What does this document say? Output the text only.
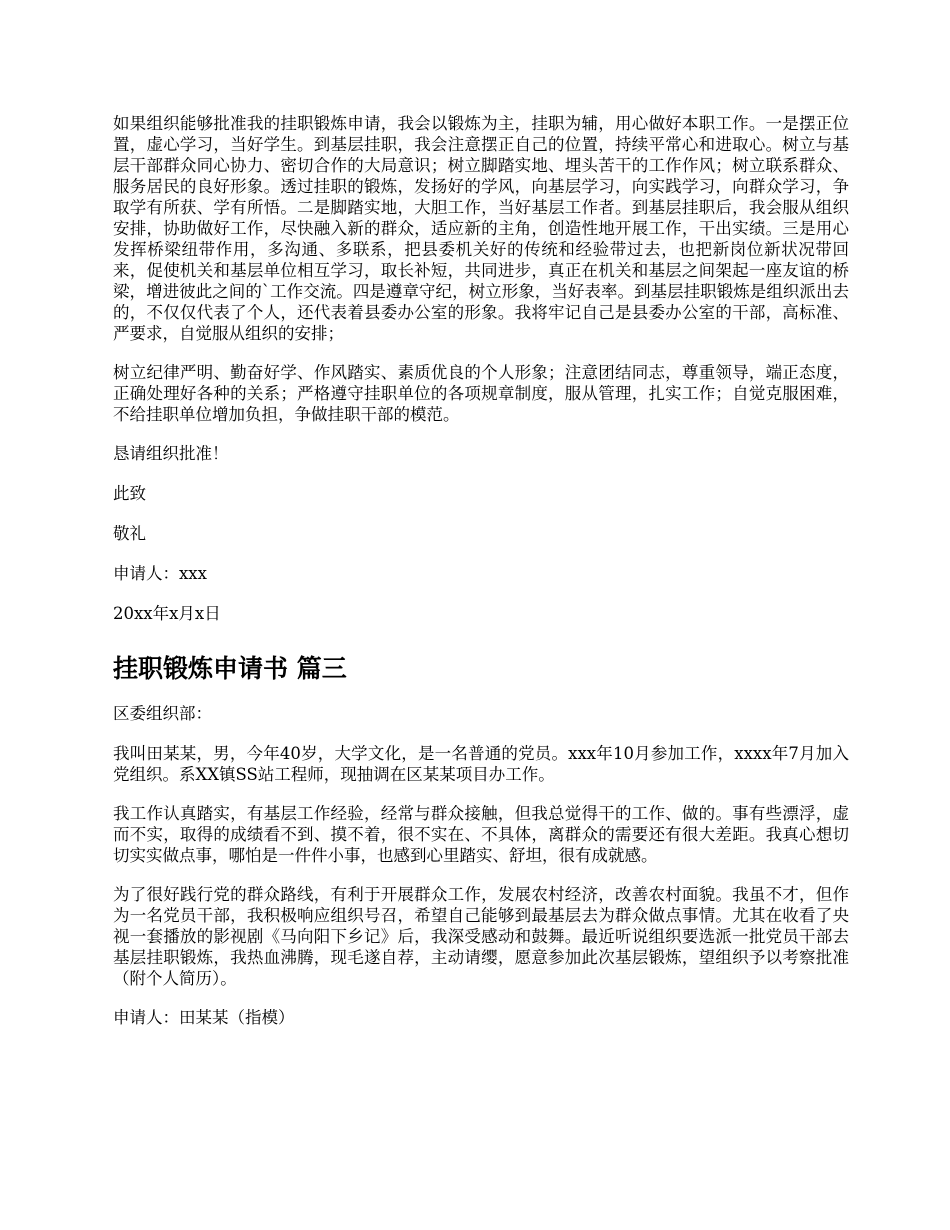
如果组织能够批准我的挂职锻炼申请，我会以锻炼为主，挂职为辅，用心做好本职工作。一是摆正位置，虚心学习，当好学生。到基层挂职，我会注意摆正自己的位置，持续平常心和进取心。树立与基层干部群众同心协力、密切合作的大局意识；树立脚踏实地、埋头苦干的工作作风；树立联系群众、服务居民的良好形象。透过挂职的锻炼，发扬好的学风，向基层学习，向实践学习，向群众学习，争取学有所获、学有所悟。二是脚踏实地，大胆工作，当好基层工作者。到基层挂职后，我会服从组织安排，协助做好工作，尽快融入新的群众，适应新的主角，创造性地开展工作，干出实绩。三是用心发挥桥梁纽带作用，多沟通、多联系，把县委机关好的传统和经验带过去，也把新岗位新状况带回来，促使机关和基层单位相互学习，取长补短，共同进步，真正在机关和基层之间架起一座友谊的桥梁，增进彼此之间的`工作交流。四是遵章守纪，树立形象，当好表率。到基层挂职锻炼是组织派出去的，不仅仅代表了个人，还代表着县委办公室的形象。我将牢记自己是县委办公室的干部，高标准、严要求，自觉服从组织的安排；

树立纪律严明、勤奋好学、作风踏实、素质优良的个人形象；注意团结同志，尊重领导，端正态度，正确处理好各种的关系；严格遵守挂职单位的各项规章制度，服从管理，扎实工作；自觉克服困难，不给挂职单位增加负担，争做挂职干部的模范。

恳请组织批准！

此致

敬礼

申请人：xxx

20xx年x月x日

挂职锻炼申请书 篇三

区委组织部：

我叫田某某，男，今年40岁，大学文化，是一名普通的党员。xxx年10月参加工作，xxxx年7月加入党组织。系XX镇SS站工程师，现抽调在区某某项目办工作。

我工作认真踏实，有基层工作经验，经常与群众接触，但我总觉得干的工作、做的。事有些漂浮，虚而不实，取得的成绩看不到、摸不着，很不实在、不具体，离群众的需要还有很大差距。我真心想切切实实做点事，哪怕是一件件小事，也感到心里踏实、舒坦，很有成就感。

为了很好践行党的群众路线，有利于开展群众工作，发展农村经济，改善农村面貌。我虽不才，但作为一名党员干部，我积极响应组织号召，希望自己能够到最基层去为群众做点事情。尤其在收看了央视一套播放的影视剧《马向阳下乡记》后，我深受感动和鼓舞。最近听说组织要选派一批党员干部去基层挂职锻炼，我热血沸腾，现毛遂自荐，主动请缨，愿意参加此次基层锻炼，望组织予以考察批准（附个人简历）。

申请人：田某某（指模）
